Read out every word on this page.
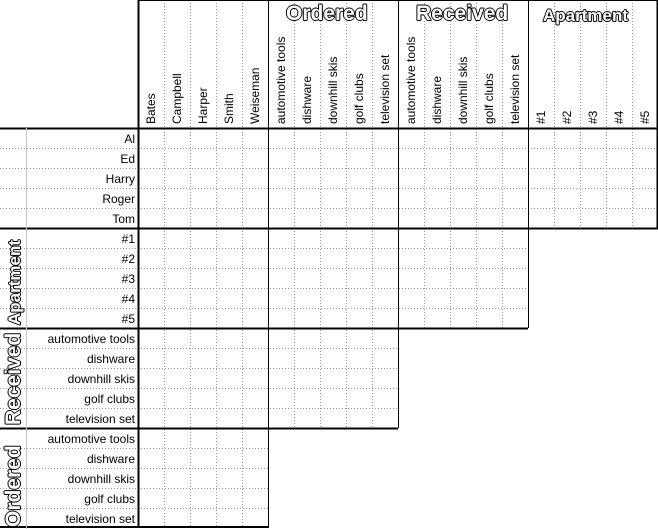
Ordered Received Apartment
Apartment
Received
Ordered
Bates Campbell Harper Smith Weiseman automotive tools dishware downhill skis golf clubs television set automotive tools dishware downhill skis golf clubs television set #1 #2 #3 #4 #5
Al
Ed
Harry
Roger
Tom
#1
#2
#3
#4
#5
automotive tools
dishware
downhill skis
golf clubs
television set
automotive tools
dishware
downhill skis
golf clubs
television set
